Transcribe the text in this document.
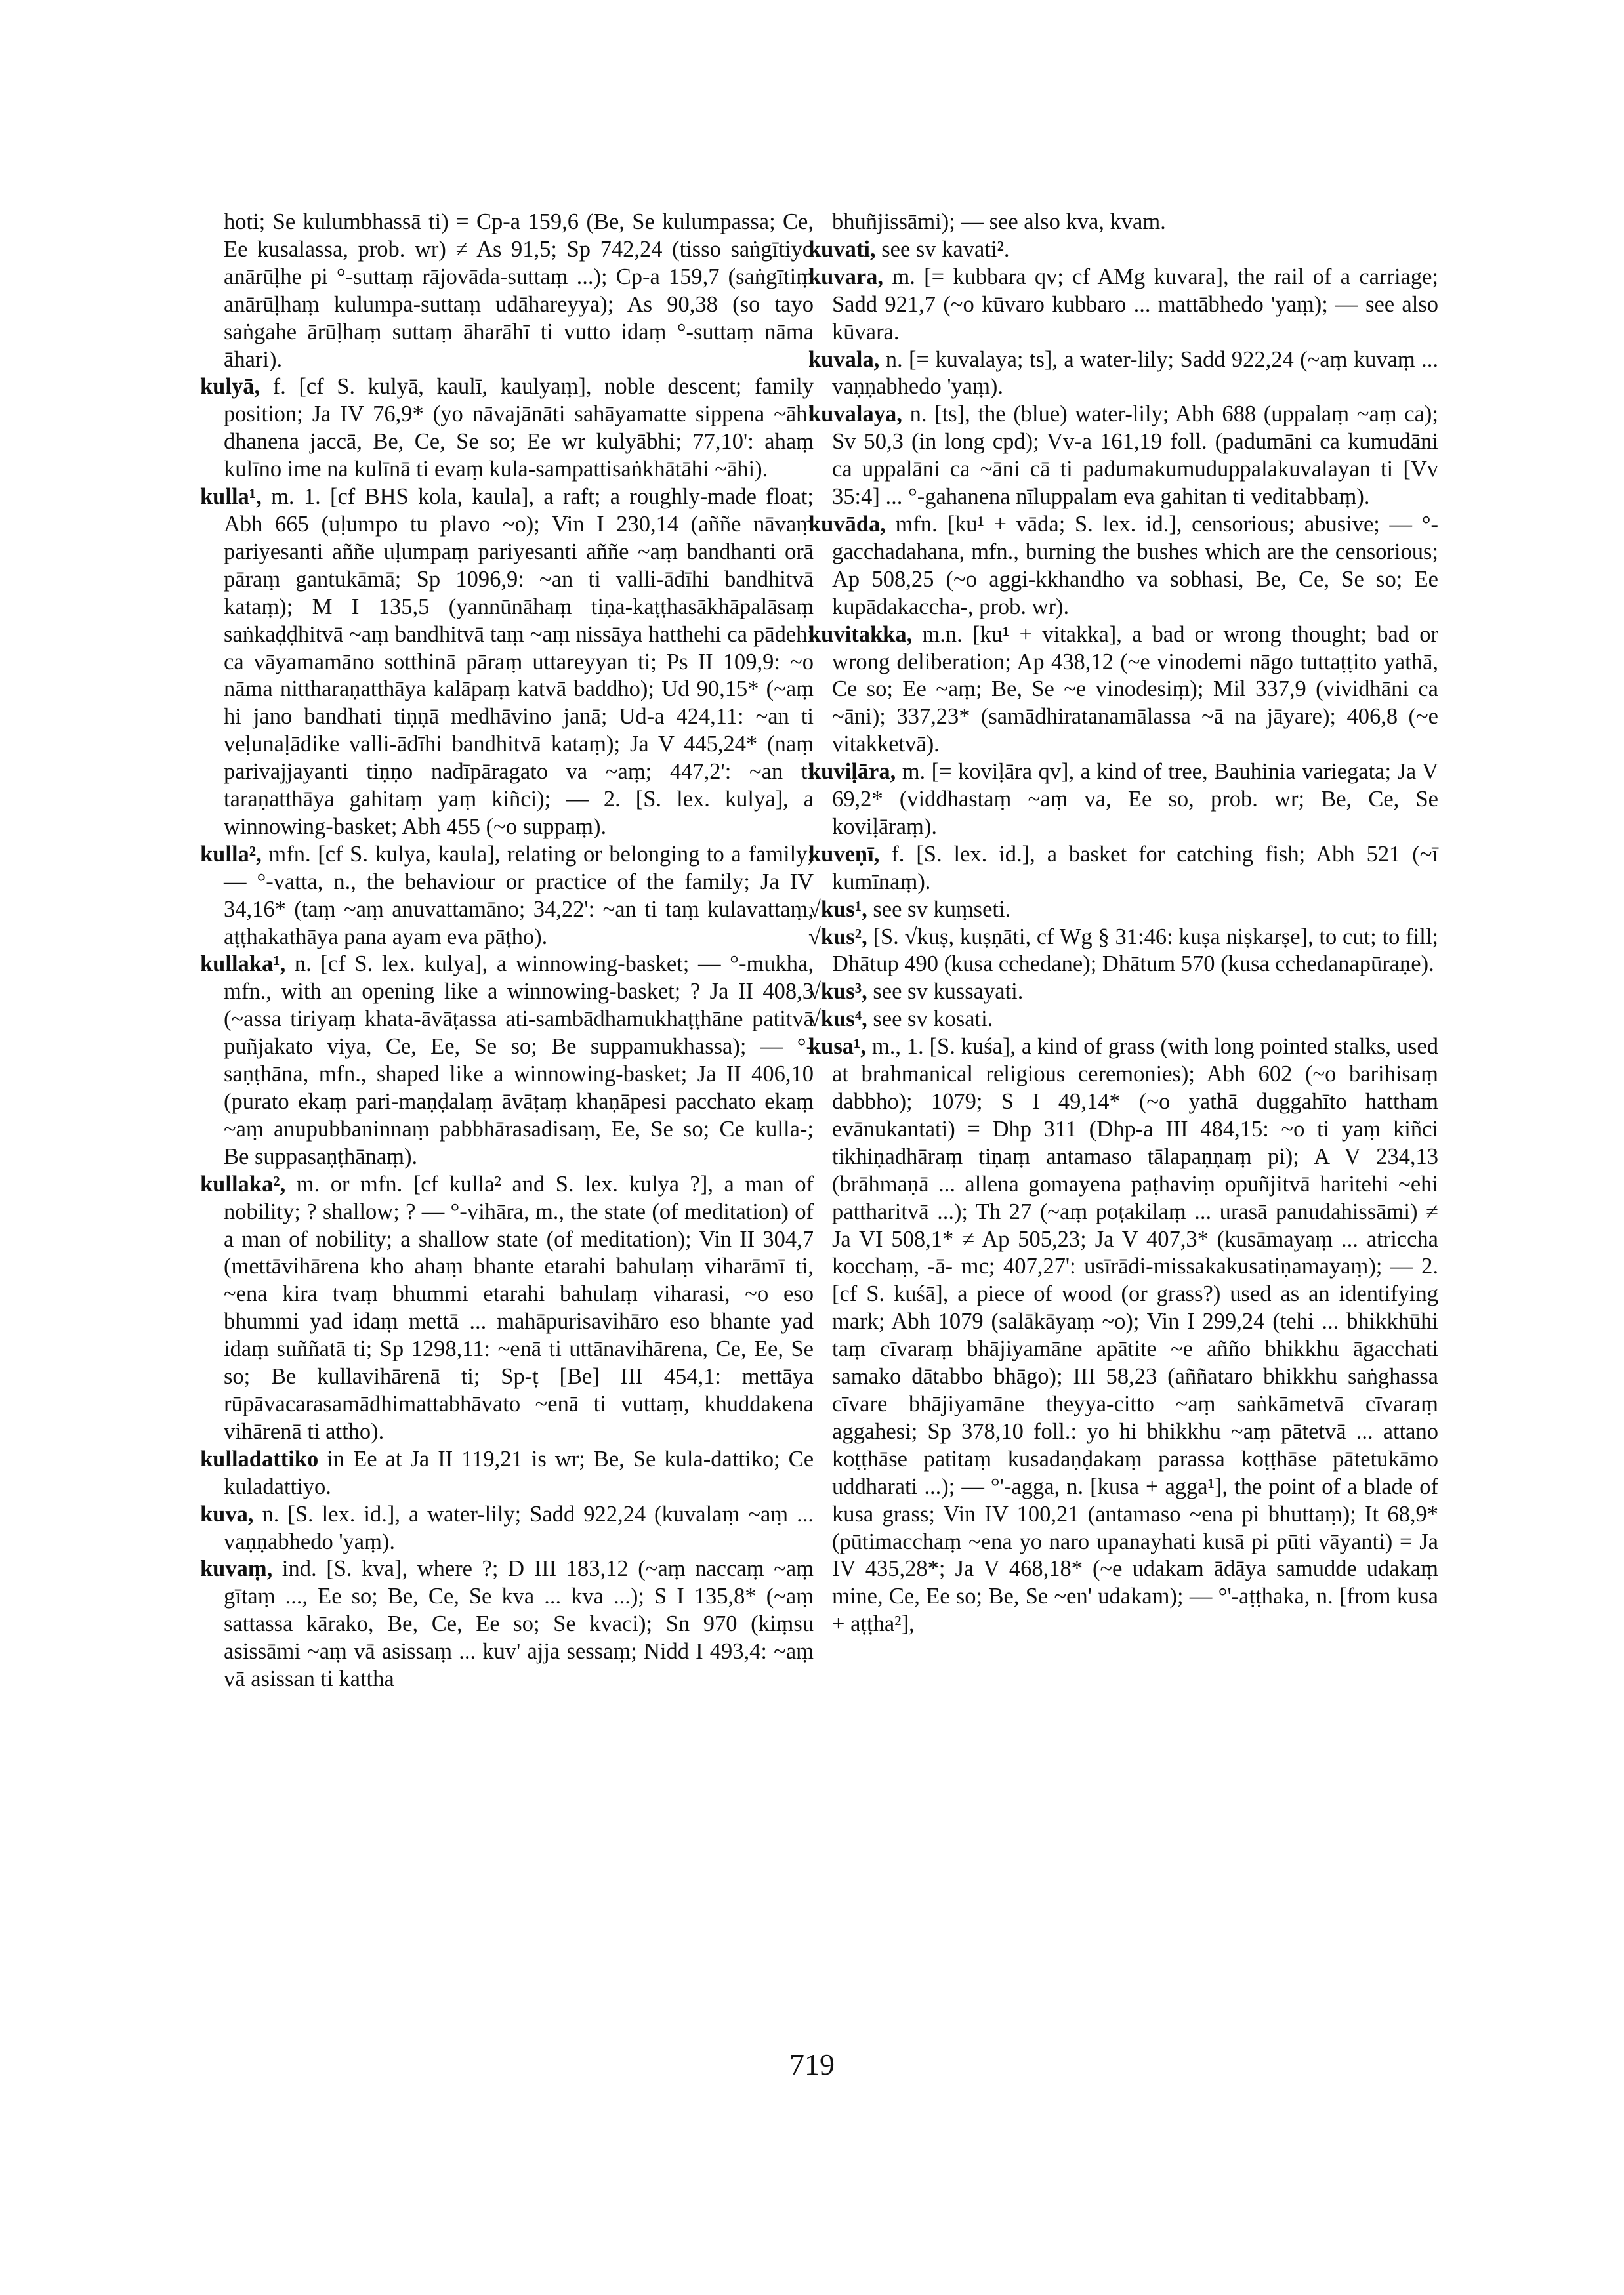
hoti; Se kulumbhassā ti) = Cp-a 159,6 (Be, Se kulumpassa; Ce, Ee kusalassa, prob. wr) ≠ As 91,5; Sp 742,24 (tisso saṅgītiyo anārūḷhe pi °-suttaṃ rājovāda-suttaṃ ...); Cp-a 159,7 (saṅgītiṃ anārūḷhaṃ kulumpa-suttaṃ udāhareyya); As 90,38 (so tayo saṅgahe ārūḷhaṃ suttaṃ āharāhī ti vutto idaṃ °-suttaṃ nāma āhari).

kulyā, f. [cf S. kulyā, kaulī, kaulyaṃ], noble descent; family position; Ja IV 76,9* (yo nāvajānāti sahāyamatte sippena ~āhi dhanena jaccā, Be, Ce, Se so; Ee wr kulyābhi; 77,10': ahaṃ kulīno ime na kulīnā ti evaṃ kula-sampattisaṅkhātāhi ~āhi).

kulla¹, m. 1. [cf BHS kola, kaula], a raft; a roughly-made float; Abh 665 (uḷumpo tu plavo ~o); Vin I 230,14 (aññe nāvaṃ pariyesanti aññe uḷumpaṃ pariyesanti aññe ~aṃ bandhanti orā pāraṃ gantukāmā; Sp 1096,9: ~an ti valli-ādīhi bandhitvā kataṃ); M I 135,5 (yannūnāhaṃ tiṇa-kaṭṭhasākhāpalāsaṃ saṅkaḍḍhitvā ~aṃ bandhitvā taṃ ~aṃ nissāya hatthehi ca pādehi ca vāyamamāno sotthinā pāraṃ uttareyyan ti; Ps II 109,9: ~o nāma nittharaṇatthāya kalāpaṃ katvā baddho); Ud 90,15* (~aṃ hi jano bandhati tiṇṇā medhāvino janā; Ud-a 424,11: ~an ti veḷunaḷādike valli-ādīhi bandhitvā kataṃ); Ja V 445,24* (naṃ parivajjayanti tiṇṇo nadīpāragato va ~aṃ; 447,2': ~an ti taraṇatthāya gahitaṃ yaṃ kiñci); — 2. [S. lex. kulya], a winnowing-basket; Abh 455 (~o suppaṃ).

kulla², mfn. [cf S. kulya, kaula], relating or belonging to a family; — °-vatta, n., the behaviour or practice of the family; Ja IV 34,16* (taṃ ~aṃ anuvattamāno; 34,22': ~an ti taṃ kulavattaṃ, aṭṭhakathāya pana ayam eva pāṭho).

kullaka¹, n. [cf S. lex. kulya], a winnowing-basket; — °-mukha, mfn., with an opening like a winnowing-basket; ? Ja II 408,3 (~assa tiriyaṃ khata-āvāṭassa ati-sambādhamukhaṭṭhāne patitvā puñjakato viya, Ce, Ee, Se so; Be suppamukhassa); — °-saṇṭhāna, mfn., shaped like a winnowing-basket; Ja II 406,10 (purato ekaṃ pari-maṇḍalaṃ āvāṭaṃ khaṇāpesi pacchato ekaṃ ~aṃ anupubbaninnaṃ pabbhārasadisaṃ, Ee, Se so; Ce kulla-; Be suppasaṇṭhānaṃ).

kullaka², m. or mfn. [cf kulla² and S. lex. kulya ?], a man of nobility; ? shallow; ? — °-vihāra, m., the state (of meditation) of a man of nobility; a shallow state (of meditation); Vin II 304,7 (mettāvihārena kho ahaṃ bhante etarahi bahulaṃ viharāmī ti, ~ena kira tvaṃ bhummi etarahi bahulaṃ viharasi, ~o eso bhummi yad idaṃ mettā ... mahāpurisavihāro eso bhante yad idaṃ suññatā ti; Sp 1298,11: ~enā ti uttānavihārena, Ce, Ee, Se so; Be kullavihārenā ti; Sp-ṭ [Be] III 454,1: mettāya rūpāvacarasamādhimattabhāvato ~enā ti vuttaṃ, khuddakena vihārenā ti attho).

kulladattiko in Ee at Ja II 119,21 is wr; Be, Se kula-dattiko; Ce kuladattiyo.

kuva, n. [S. lex. id.], a water-lily; Sadd 922,24 (kuvalaṃ ~aṃ ... vaṇṇabhedo 'yaṃ).

kuvaṃ, ind. [S. kva], where ?; D III 183,12 (~aṃ naccaṃ ~aṃ gītaṃ ..., Ee so; Be, Ce, Se kva ... kva ...); S I 135,8* (~aṃ sattassa kārako, Be, Ce, Ee so; Se kvaci); Sn 970 (kiṃsu asissāmi ~aṃ vā asissaṃ ... kuv' ajja sessaṃ; Nidd I 493,4: ~aṃ vā asissan ti kattha

bhuñjissāmi); — see also kva, kvam.

kuvati, see sv kavati².

kuvara, m. [= kubbara qv; cf AMg kuvara], the rail of a carriage; Sadd 921,7 (~o kūvaro kubbaro ... mattābhedo 'yaṃ); — see also kūvara.

kuvala, n. [= kuvalaya; ts], a water-lily; Sadd 922,24 (~aṃ kuvaṃ ... vaṇṇabhedo 'yaṃ).

kuvalaya, n. [ts], the (blue) water-lily; Abh 688 (uppalaṃ ~aṃ ca); Sv 50,3 (in long cpd); Vv-a 161,19 foll. (padumāni ca kumudāni ca uppalāni ca ~āni cā ti padumakumuduppalakuvalayan ti [Vv 35:4] ... °-gahanena nīluppalam eva gahitan ti veditabbaṃ).

kuvāda, mfn. [ku¹ + vāda; S. lex. id.], censorious; abusive; — °-gacchadahana, mfn., burning the bushes which are the censorious; Ap 508,25 (~o aggi-kkhandho va sobhasi, Be, Ce, Se so; Ee kupādakaccha-, prob. wr).

kuvitakka, m.n. [ku¹ + vitakka], a bad or wrong thought; bad or wrong deliberation; Ap 438,12 (~e vinodemi nāgo tuttaṭṭito yathā, Ce so; Ee ~aṃ; Be, Se ~e vinodesiṃ); Mil 337,9 (vividhāni ca ~āni); 337,23* (samādhiratanamālassa ~ā na jāyare); 406,8 (~e vitakketvā).

kuviḷāra, m. [= koviḷāra qv], a kind of tree, Bauhinia variegata; Ja V 69,2* (viddhastaṃ ~aṃ va, Ee so, prob. wr; Be, Ce, Se koviḷāraṃ).

kuveṇī, f. [S. lex. id.], a basket for catching fish; Abh 521 (~ī kumīnaṃ).

√kus¹, see sv kuṃseti.

√kus², [S. √kuṣ, kuṣṇāti, cf Wg § 31:46: kuṣa niṣkarṣe], to cut; to fill; Dhātup 490 (kusa cchedane); Dhātum 570 (kusa cchedanapūraṇe).

√kus³, see sv kussayati.

√kus⁴, see sv kosati.

kusa¹, m., 1. [S. kuśa], a kind of grass (with long pointed stalks, used at brahmanical religious ceremonies); Abh 602 (~o barihisaṃ dabbho); 1079; S I 49,14* (~o yathā duggahīto hattham evānukantati) = Dhp 311 (Dhp-a III 484,15: ~o ti yaṃ kiñci tikhiṇadhāraṃ tiṇaṃ antamaso tālapaṇṇaṃ pi); A V 234,13 (brāhmaṇā ... allena gomayena paṭhaviṃ opuñjitvā haritehi ~ehi pattharitvā ...); Th 27 (~aṃ poṭakilaṃ ... urasā panudahissāmi) ≠ Ja VI 508,1* ≠ Ap 505,23; Ja V 407,3* (kusāmayaṃ ... atriccha kocchaṃ, -ā- mc; 407,27': usīrādi-missakakusatiṇamayaṃ); — 2. [cf S. kuśā], a piece of wood (or grass?) used as an identifying mark; Abh 1079 (salākāyaṃ ~o); Vin I 299,24 (tehi ... bhikkhūhi taṃ cīvaraṃ bhājiyamāne apātite ~e añño bhikkhu āgacchati samako dātabbo bhāgo); III 58,23 (aññataro bhikkhu saṅghassa cīvare bhājiyamāne theyya-citto ~aṃ saṅkāmetvā cīvaraṃ aggahesi; Sp 378,10 foll.: yo hi bhikkhu ~aṃ pātetvā ... attano koṭṭhāse patitaṃ kusadaṇḍakaṃ parassa koṭṭhāse pātetukāmo uddharati ...); — °'-agga, n. [kusa + agga¹], the point of a blade of kusa grass; Vin IV 100,21 (antamaso ~ena pi bhuttaṃ); It 68,9* (pūtimacchaṃ ~ena yo naro upanayhati kusā pi pūti vāyanti) = Ja IV 435,28*; Ja V 468,18* (~e udakam ādāya samudde udakaṃ mine, Ce, Ee so; Be, Se ~en' udakam); — °'-aṭṭhaka, n. [from kusa + aṭṭha²],

719
